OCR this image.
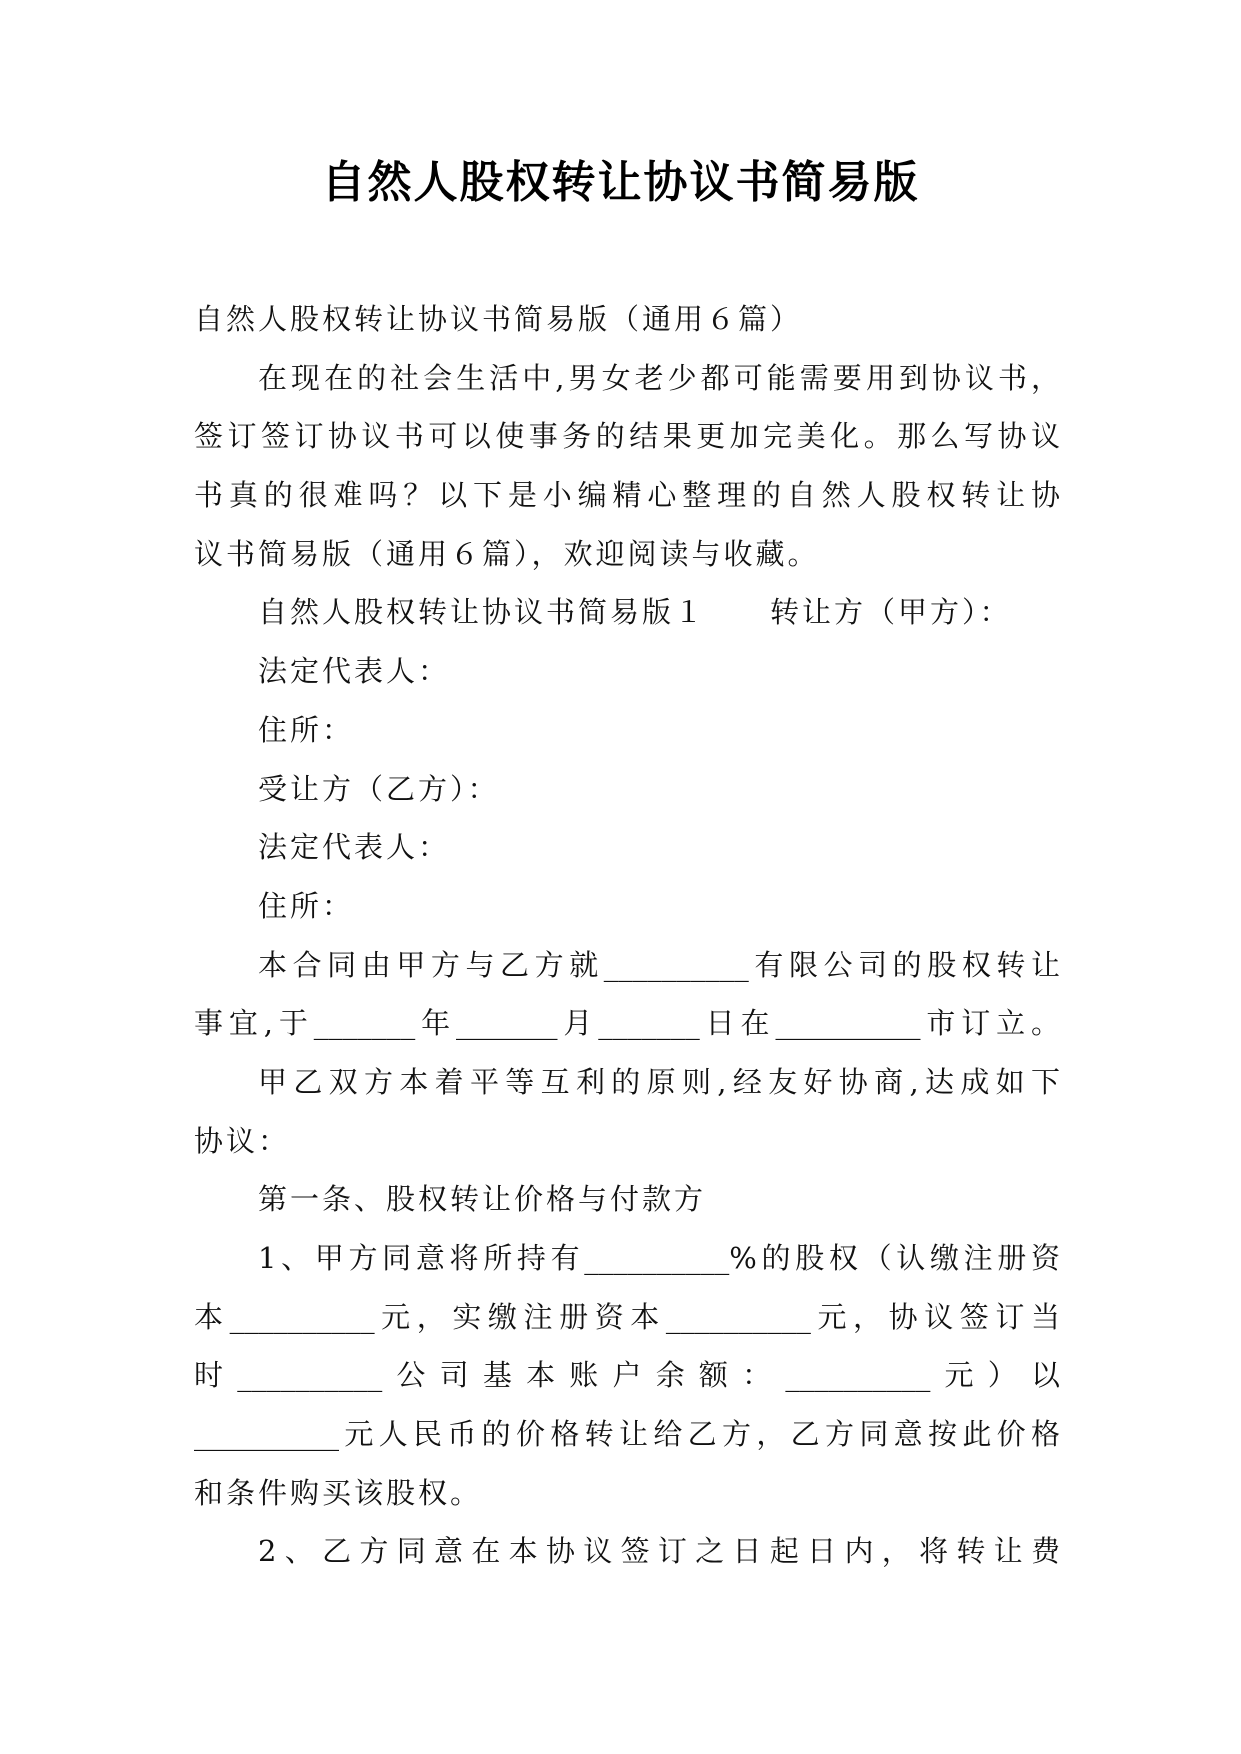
自然人股权转让协议书简易版
自然人股权转让协议书简易版（通用６篇）
在现在的社会生活中,男女老少都可能需要用到协议书，
签订签订协议书可以使事务的结果更加完美化。那么写协议
书真的很难吗？以下是小编精心整理的自然人股权转让协
议书简易版（通用６篇），欢迎阅读与收藏。
自然人股权转让协议书简易版１　　转让方（甲方）：
法定代表人：
住所：
受让方（乙方）：
法定代表人：
住所：
本合同由甲方与乙方就__________有限公司的股权转让
事宜,于_______年_______月_______日在__________市订立。
甲乙双方本着平等互利的原则,经友好协商,达成如下
协议：
第一条、股权转让价格与付款方
1、甲方同意将所持有__________%的股权（认缴注册资
本__________元，实缴注册资本__________元，协议签订当
时__________公司基本账户余额：__________元）以
__________元人民币的价格转让给乙方，乙方同意按此价格
和条件购买该股权。
2、乙方同意在本协议签订之日起日内，将转让费
